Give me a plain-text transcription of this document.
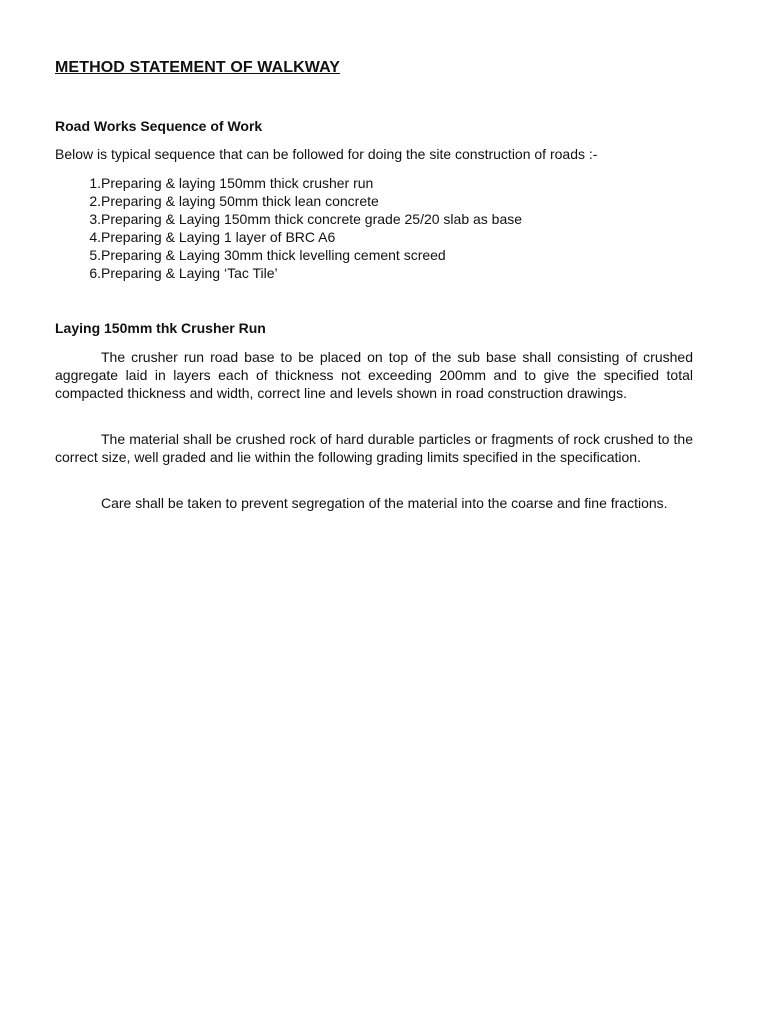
METHOD STATEMENT OF WALKWAY
Road Works Sequence of Work

Below is typical sequence that can be followed for doing the site construction of roads :-

1. Preparing & laying 150mm thick crusher run
2. Preparing & laying 50mm thick lean concrete
3. Preparing & Laying 150mm thick concrete grade 25/20 slab as base
4. Preparing & Laying 1 layer of BRC A6
5. Preparing & Laying 30mm thick levelling cement screed
6. Preparing & Laying ‘Tac Tile’
Laying 150mm thk Crusher Run

The crusher run road base to be placed on top of the sub base shall consisting of crushed aggregate laid in layers each of thickness not exceeding 200mm and to give the specified total compacted thickness and width, correct line and levels shown in road construction drawings.

The material shall be crushed rock of hard durable particles or fragments of rock crushed to the correct size, well graded and lie within the following grading limits specified in the specification.

Care shall be taken to prevent segregation of the material into the coarse and fine fractions.
